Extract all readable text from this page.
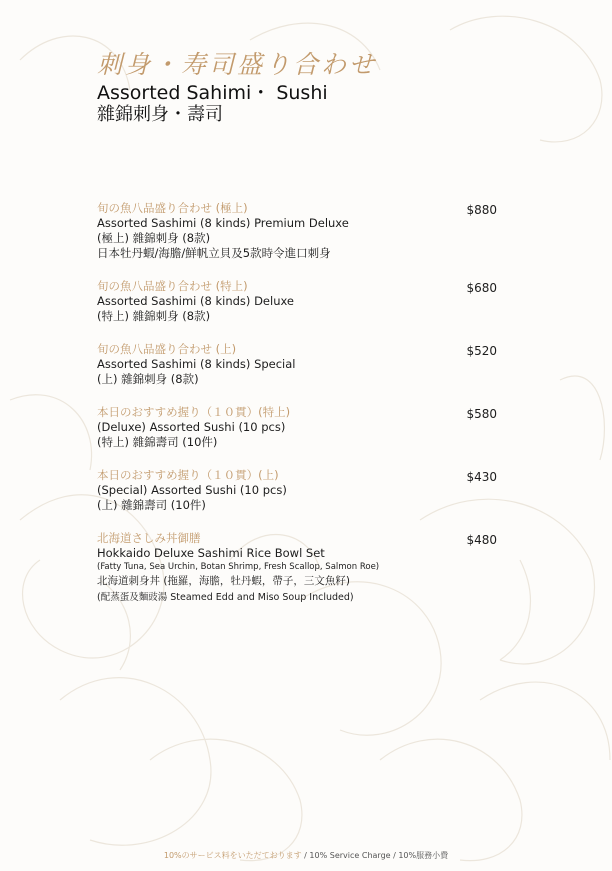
刺身・寿司盛り合わせ
Assorted Sahimi・ Sushi
雜錦刺身・壽司
旬の魚八品盛り合わせ (極上)
Assorted Sashimi (8 kinds) Premium Deluxe
(極上) 雜錦刺身 (8款)
日本牡丹蝦/海膽/鮮帆立貝及5款時令進口刺身
$880
旬の魚八品盛り合わせ (特上)
Assorted Sashimi (8 kinds) Deluxe
(特上) 雜錦刺身 (8款)
$680
旬の魚八品盛り合わせ (上)
Assorted Sashimi (8 kinds) Special
(上) 雜錦刺身 (8款)
$520
本日のおすすめ握り（１０貫）(特上)
(Deluxe) Assorted Sushi (10 pcs)
(特上) 雜錦壽司 (10件)
$580
本日のおすすめ握り（１０貫）(上)
(Special) Assorted Sushi (10 pcs)
(上) 雜錦壽司 (10件)
$430
北海道さしみ丼御膳
Hokkaido Deluxe Sashimi Rice Bowl Set
(Fatty Tuna, Sea Urchin, Botan Shrimp, Fresh Scallop, Salmon Roe)
北海道刺身丼 (拖羅，海膽，牡丹蝦，帶子，三文魚籽)
(配蒸蛋及麵豉湯 Steamed Edd and Miso Soup Included)
$480
10%のサービス料をいただております / 10% Service Charge / 10%服務小費
